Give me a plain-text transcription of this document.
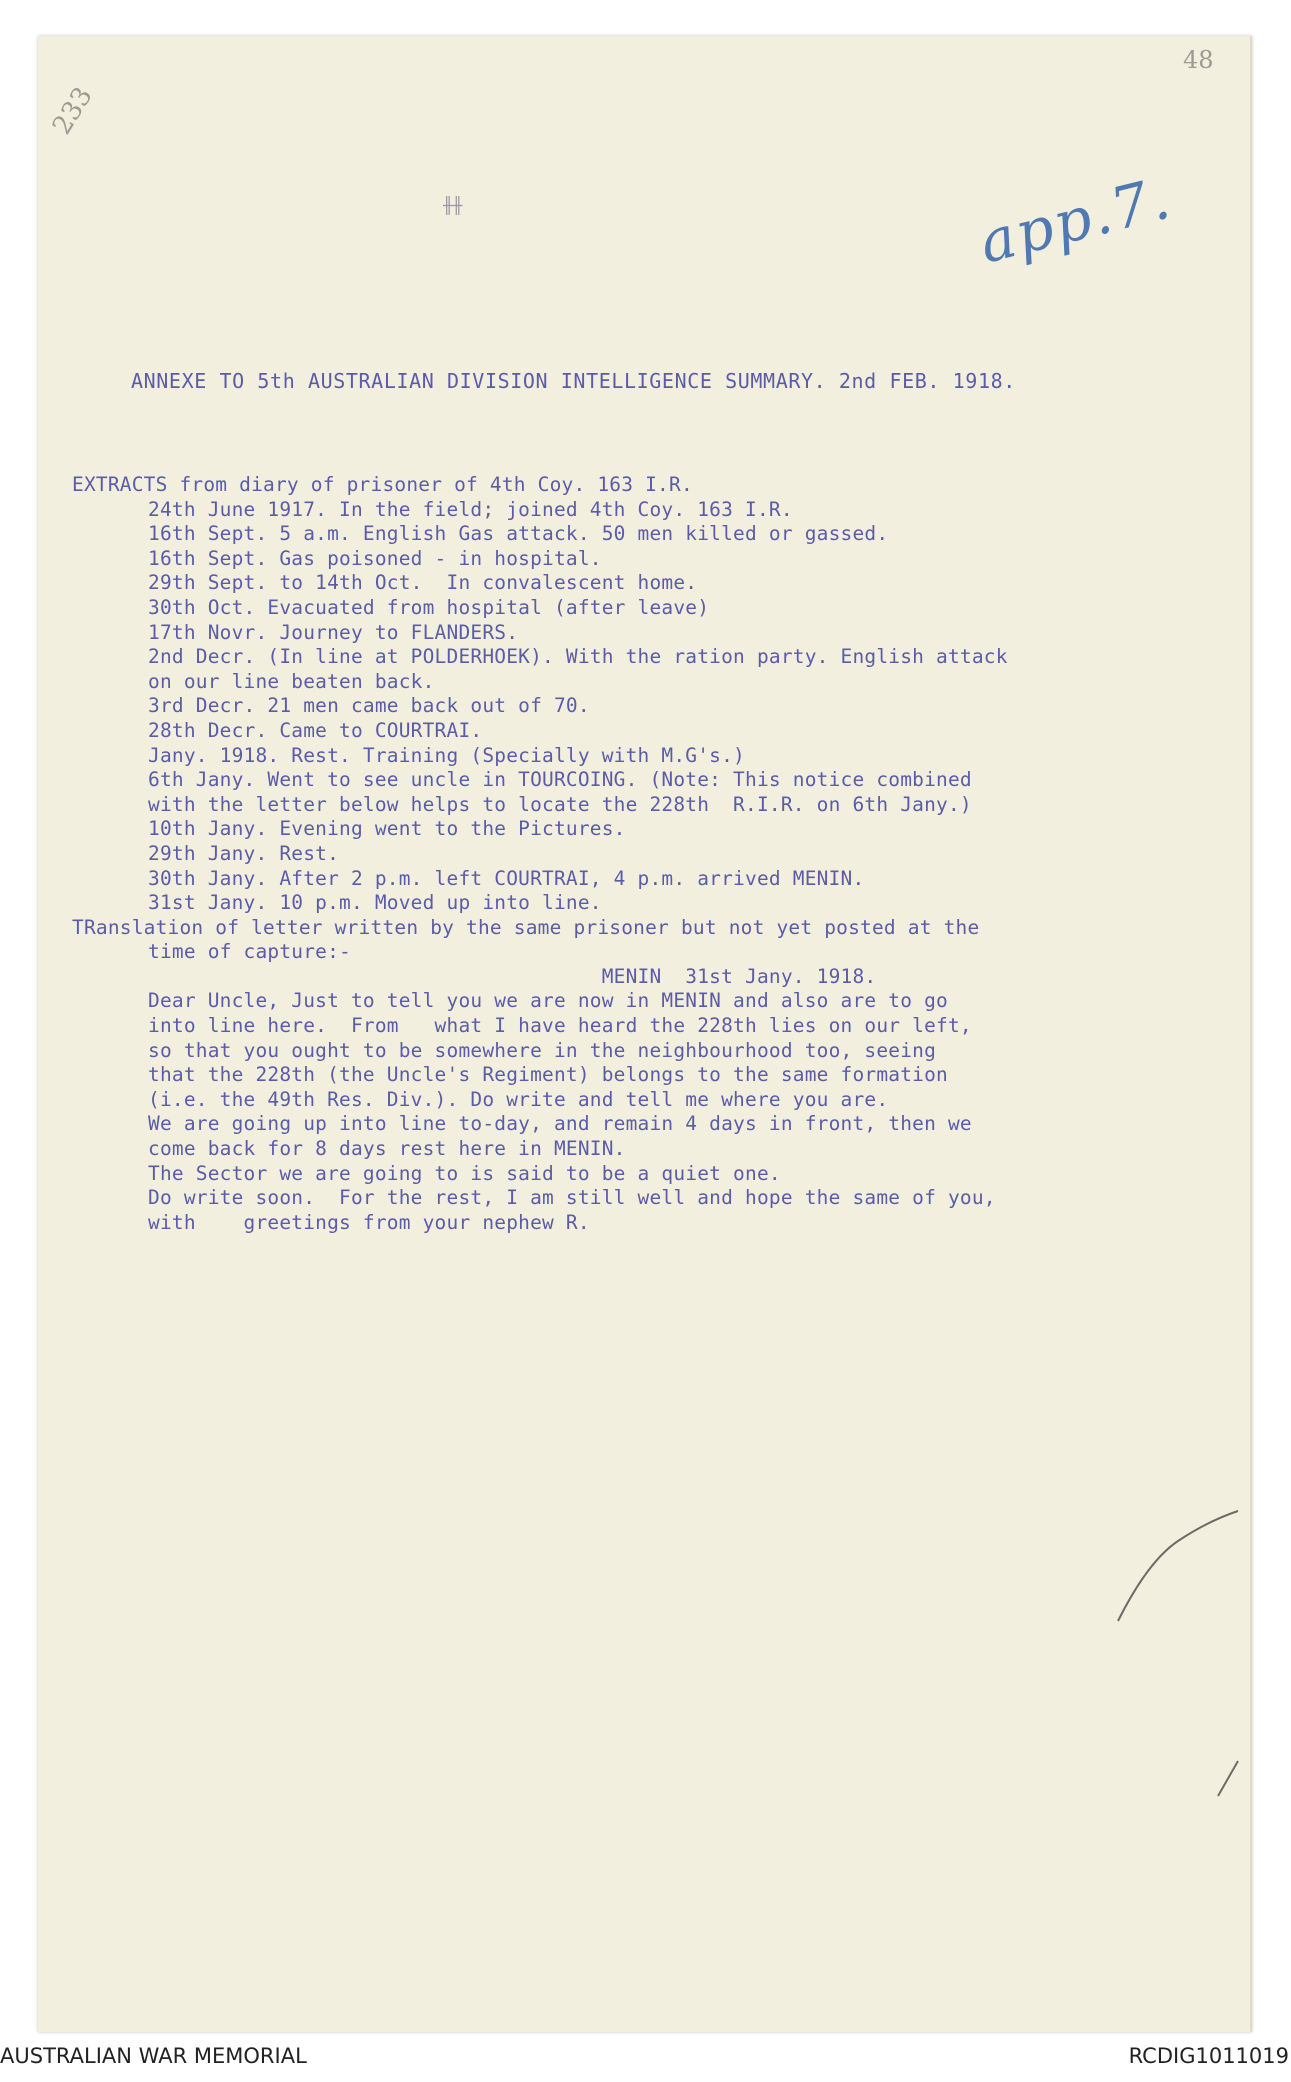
48
233
app.7.
╫╫
ANNEXE TO 5th AUSTRALIAN DIVISION INTELLIGENCE SUMMARY. 2nd FEB. 1918.
EXTRACTS from diary of prisoner of 4th Coy. 163 I.R.
24th June 1917. In the field; joined 4th Coy. 163 I.R.
16th Sept. 5 a.m. English Gas attack. 50 men killed or gassed.
16th Sept. Gas poisoned - in hospital.
29th Sept. to 14th Oct.  In convalescent home.
30th Oct. Evacuated from hospital (after leave)
17th Novr. Journey to FLANDERS.
2nd Decr. (In line at POLDERHOEK). With the ration party. English attack
on our line beaten back.
3rd Decr. 21 men came back out of 70.
28th Decr. Came to COURTRAI.
Jany. 1918. Rest. Training (Specially with M.G's.)
6th Jany. Went to see uncle in TOURCOING. (Note: This notice combined
with the letter below helps to locate the 228th  R.I.R. on 6th Jany.)
10th Jany. Evening went to the Pictures.
29th Jany. Rest.
30th Jany. After 2 p.m. left COURTRAI, 4 p.m. arrived MENIN.
31st Jany. 10 p.m. Moved up into line.
TRanslation of letter written by the same prisoner but not yet posted at the
time of capture:-
MENIN  31st Jany. 1918.
Dear Uncle, Just to tell you we are now in MENIN and also are to go
into line here.  From   what I have heard the 228th lies on our left,
so that you ought to be somewhere in the neighbourhood too, seeing
that the 228th (the Uncle's Regiment) belongs to the same formation
(i.e. the 49th Res. Div.). Do write and tell me where you are.
We are going up into line to-day, and remain 4 days in front, then we
come back for 8 days rest here in MENIN.
The Sector we are going to is said to be a quiet one.
Do write soon.  For the rest, I am still well and hope the same of you,
with    greetings from your nephew R.
AUSTRALIAN WAR MEMORIAL	RCDIG1011019
